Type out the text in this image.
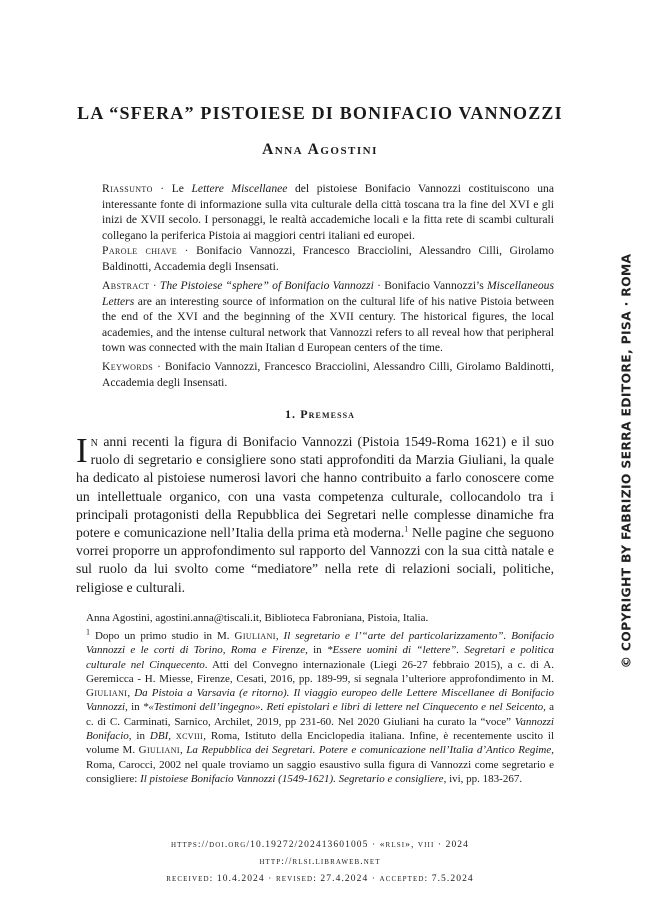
LA “SFERA” PISTOIESE DI BONIFACIO VANNOZZI
Anna Agostini

Riassunto · Le Lettere Miscellanee del pistoiese Bonifacio Vannozzi costituiscono una interessante fonte di informazione sulla vita culturale della città toscana tra la fine del XVI e gli inizi de XVII secolo. I personaggi, le realtà accademiche locali e la fitta rete di scambi culturali collegano la periferica Pistoia ai maggiori centri italiani ed europei.

Parole chiave · Bonifacio Vannozzi, Francesco Bracciolini, Alessandro Cilli, Girolamo Baldinotti, Accademia degli Insensati.

Abstract · The Pistoiese “sphere” of Bonifacio Vannozzi · Bonifacio Vannozzi’s Miscellaneous Letters are an interesting source of information on the cultural life of his native Pistoia between the end of the XVI and the beginning of the XVII century. The historical figures, the local academies, and the intense cultural network that Vannozzi refers to all reveal how that peripheral town was connected with the main Italian d European centers of the time.

Keywords · Bonifacio Vannozzi, Francesco Bracciolini, Alessandro Cilli, Girolamo Baldinotti, Accademia degli Insensati.

1. Premessa

In anni recenti la figura di Bonifacio Vannozzi (Pistoia 1549-Roma 1621) e il suo ruolo di segretario e consigliere sono stati approfonditi da Marzia Giuliani, la quale ha dedicato al pistoiese numerosi lavori che hanno contribuito a farlo conoscere come un intellettuale organico, con una vasta competenza culturale, collocandolo tra i principali protagonisti della Repubblica dei Segretari nelle complesse dinamiche fra potere e comunicazione nell’Italia della prima età moderna.$^1$ Nelle pagine che seguono vorrei proporre un approfondimento sul rapporto del Vannozzi con la sua città natale e sul ruolo da lui svolto come “mediatore” nella rete di relazioni sociali, politiche, religiose e culturali.

Anna Agostini, agostini.anna@tiscali.it, Biblioteca Fabroniana, Pistoia, Italia.

$^1$ Dopo un primo studio in M. Giuliani, Il segretario e l’“arte del particolarizzamento”. Bonifacio Vannozzi e le corti di Torino, Roma e Firenze, in *Essere uomini di “lettere”. Segretari e politica culturale nel Cinquecento. Atti del Convegno internazionale (Liegi 26-27 febbraio 2015), a c. di A. Geremicca - H. Miesse, Firenze, Cesati, 2016, pp. 189-99, si segnala l’ulteriore approfondimento in M. Giuliani, Da Pistoia a Varsavia (e ritorno). Il viaggio europeo delle Lettere Miscellanee di Bonifacio Vannozzi, in *«Testimoni dell’ingegno». Reti epistolari e libri di lettere nel Cinquecento e nel Seicento, a c. di C. Carminati, Sarnico, Archilet, 2019, pp 231-60. Nel 2020 Giuliani ha curato la “voce” Vannozzi Bonifacio, in DBI, xcviii, Roma, Istituto della Enciclopedia italiana. Infine, è recentemente uscito il volume M. Giuliani, La Repubblica dei Segretari. Potere e comunicazione nell’Italia d’Antico Regime, Roma, Carocci, 2002 nel quale troviamo un saggio esaustivo sulla figura di Vannozzi come segretario e consigliere: Il pistoiese Bonifacio Vannozzi (1549-1621). Segretario e consigliere, ivi, pp. 183-267.

https://doi.org/10.19272/202413601005 · «rlsi», viii · 2024

http://rlsi.libraweb.net

received: 10.4.2024 · revised: 27.4.2024 · accepted: 7.5.2024

© COPYRIGHT BY FABRIZIO SERRA EDITORE, PISA · ROMA
